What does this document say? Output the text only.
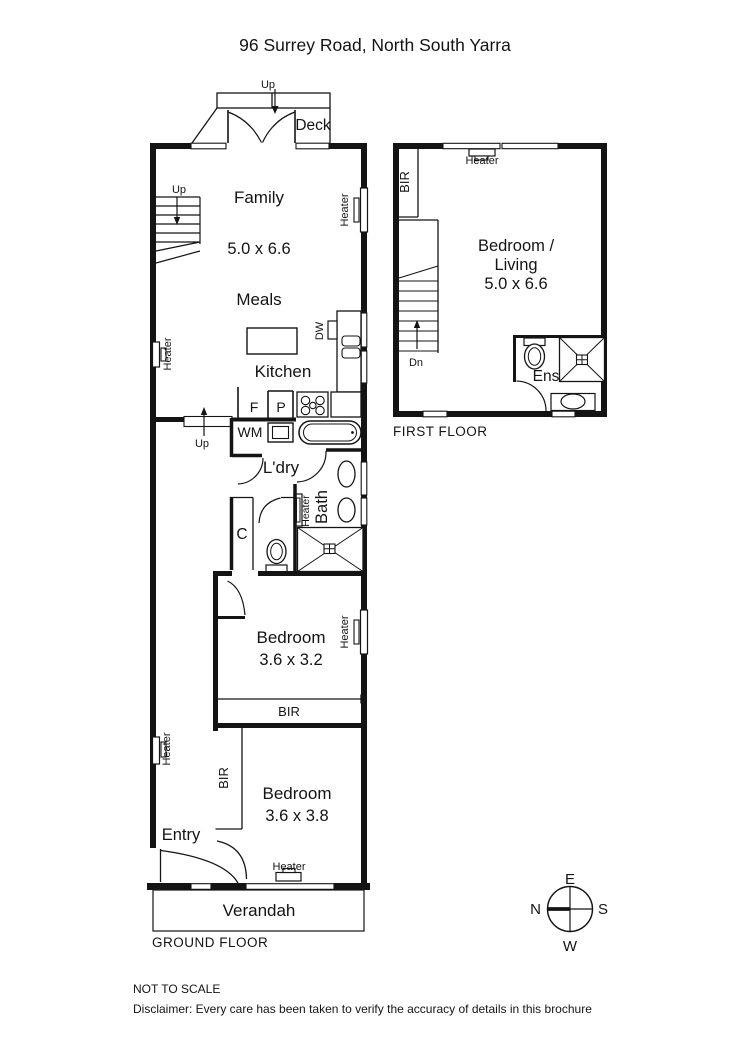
96 Surrey Road, North South Yarra
Up
Deck
Up	Family
5.0 x 6.6
Heater
Meals
Heater
Kitchen
DW
F P
Up
WM
L'dry
Bath
Heater
C
Bedroom
3.6 x 3.2
Heater
BIR
BIR
Heater
Bedroom
3.6 x 3.8
Entry
Heater
Verandah
GROUND FLOOR
BIR
Heater
Bedroom /
Living
5.0 x 6.6
Dn
Ens
FIRST FLOOR
E
N	S
W
NOT TO SCALE
Disclaimer: Every care has been taken to verify the accuracy of details in this brochure
